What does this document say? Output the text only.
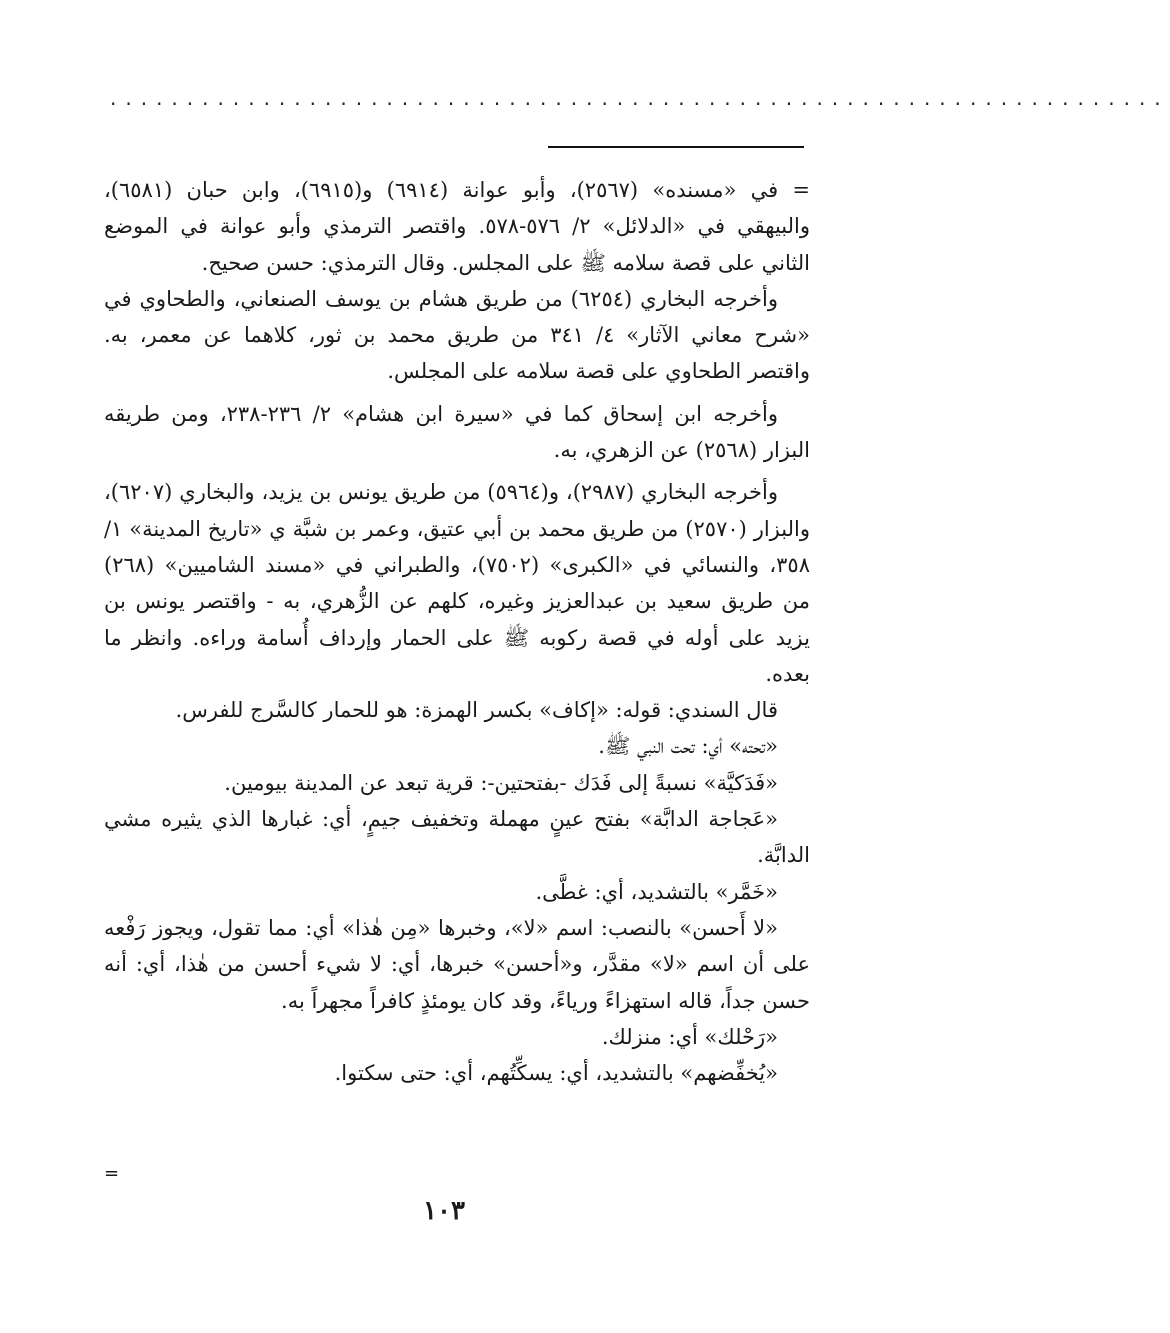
·····································································

= في «مسنده» (٢٥٦٧)، وأبو عوانة (٦٩١٤) و(٦٩١٥)، وابن حبان (٦٥٨١)، والبيهقي في «الدلائل» ٢/ ٥٧٦-٥٧٨. واقتصر الترمذي وأبو عوانة في الموضع الثاني على قصة سلامه ﷺ على المجلس. وقال الترمذي: حسن صحيح.

وأخرجه البخاري (٦٢٥٤) من طريق هشام بن يوسف الصنعاني، والطحاوي في «شرح معاني الآثار» ٤/ ٣٤١ من طريق محمد بن ثور، كلاهما عن معمر، به. واقتصر الطحاوي على قصة سلامه على المجلس.

وأخرجه ابن إسحاق كما في «سيرة ابن هشام» ٢/ ٢٣٦-٢٣٨، ومن طريقه البزار (٢٥٦٨) عن الزهري، به.

وأخرجه البخاري (٢٩٨٧)، و(٥٩٦٤) من طريق يونس بن يزيد، والبخاري (٦٢٠٧)، والبزار (٢٥٧٠) من طريق محمد بن أبي عتيق، وعمر بن شبَّة ي «تاريخ المدينة» ١/ ٣٥٨، والنسائي في «الكبرى» (٧٥٠٢)، والطبراني في «مسند الشاميين» (٢٦٨) من طريق سعيد بن عبدالعزيز وغيره، كلهم عن الزُّهري، به - واقتصر يونس بن يزيد على أوله في قصة ركوبه ﷺ على الحمار وإرداف أُسامة وراءه. وانظر ما بعده.

قال السندي: قوله: «إكاف» بكسر الهمزة: هو للحمار كالسَّرج للفرس.

«تحته» أي: تحت النبي ﷺ.

«فَدَكيَّة» نسبةً إلى فَدَك -بفتحتين-: قرية تبعد عن المدينة بيومين.

«عَجاجة الدابَّة» بفتح عينٍ مهملة وتخفيف جيمٍ، أي: غبارها الذي يثيره مشي الدابَّة.

«خَمَّر» بالتشديد، أي: غطَّى.

«لا أَحسن» بالنصب: اسم «لا»، وخبرها «مِن هٰذا» أي: مما تقول، ويجوز رَفْعه على أن اسم «لا» مقدَّر، و«أحسن» خبرها، أي: لا شيء أحسن من هٰذا، أي: أنه حسن جداً، قاله استهزاءً ورياءً، وقد كان يومئذٍ كافراً مجهراً به.

«رَحْلك» أي: منزلك.

«يُخفِّضهم» بالتشديد، أي: يسكِّتُهم، أي: حتى سكتوا.

=
١٠٣
